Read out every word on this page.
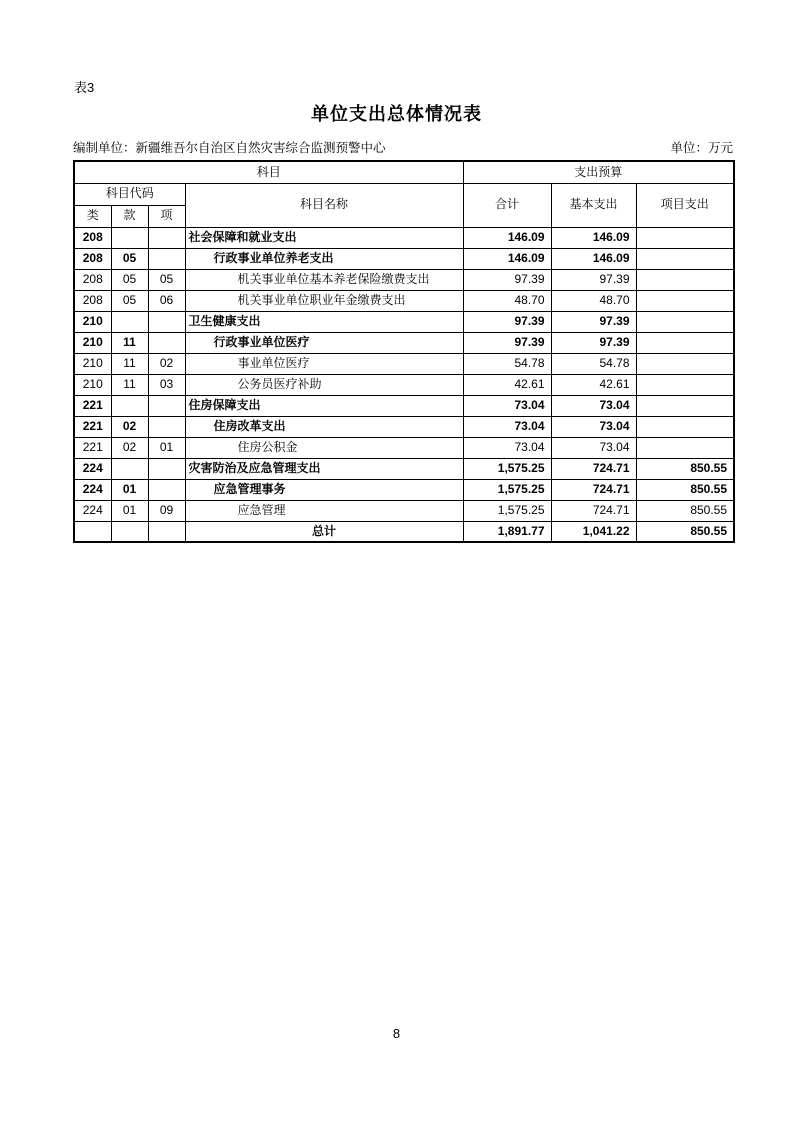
表3
单位支出总体情况表
编制单位：新疆维吾尔自治区自然灾害综合监测预警中心	单位：万元
科目				支出预算		
科目代码			科目名称	合计	基本支出	项目支出
类	款	项				
208			社会保障和就业支出	146.09	146.09	
208	05		行政事业单位养老支出	146.09	146.09	
208	05	05	机关事业单位基本养老保险缴费支出	97.39	97.39	
208	05	06	机关事业单位职业年金缴费支出	48.70	48.70	
210			卫生健康支出	97.39	97.39	
210	11		行政事业单位医疗	97.39	97.39	
210	11	02	事业单位医疗	54.78	54.78	
210	11	03	公务员医疗补助	42.61	42.61	
221			住房保障支出	73.04	73.04	
221	02		住房改革支出	73.04	73.04	
221	02	01	住房公积金	73.04	73.04	
224			灾害防治及应急管理支出	1,575.25	724.71	850.55
224	01		应急管理事务	1,575.25	724.71	850.55
224	01	09	应急管理	1,575.25	724.71	850.55
			总计	1,891.77	1,041.22	850.55
8
